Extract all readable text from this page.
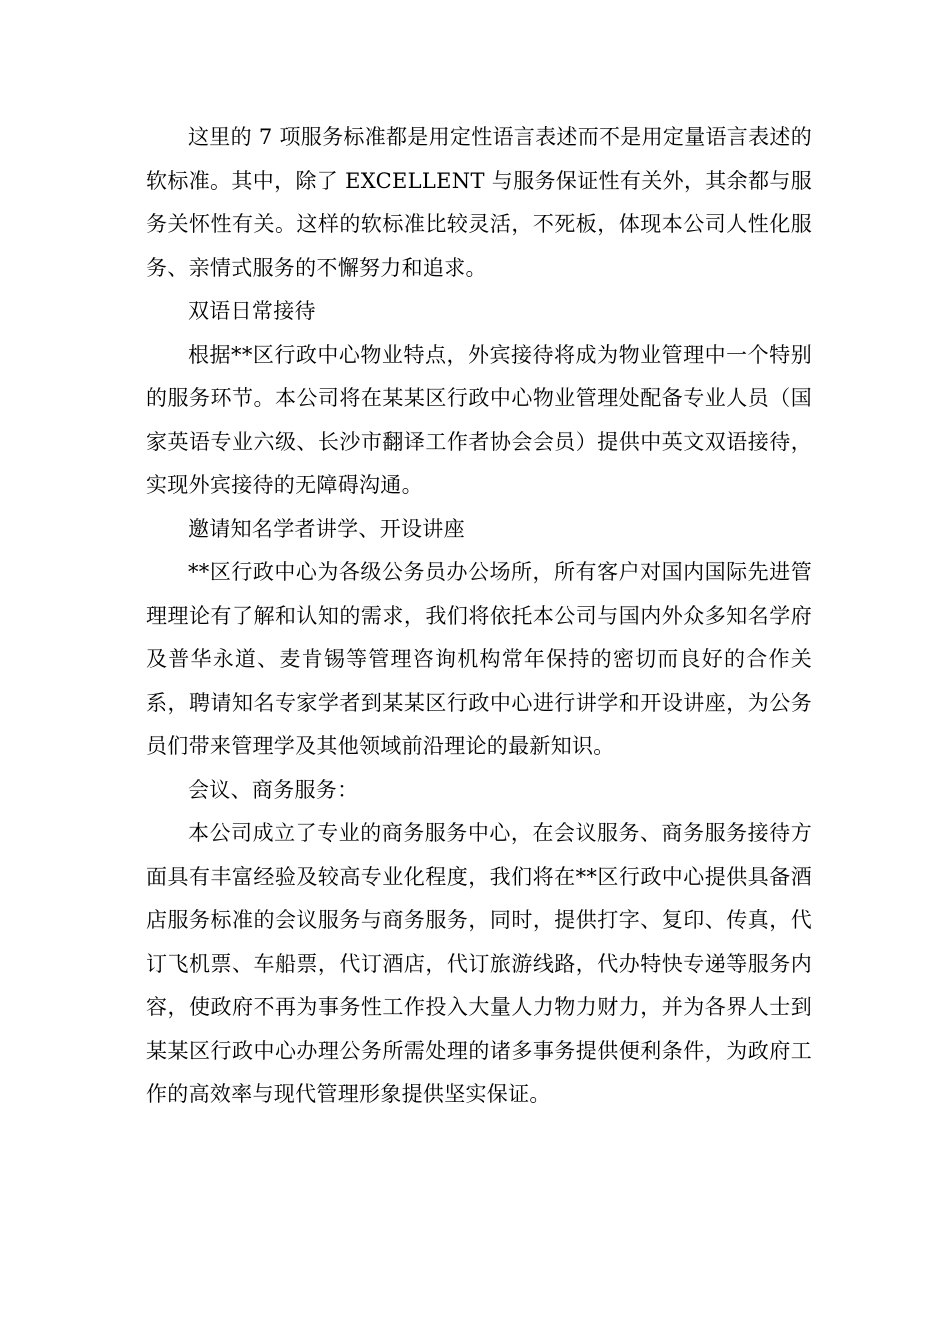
这里的 7 项服务标准都是用定性语言表述而不是用定量语言表述的软标准。其中，除了 EXCELLENT 与服务保证性有关外，其余都与服务关怀性有关。这样的软标准比较灵活，不死板，体现本公司人性化服务、亲情式服务的不懈努力和追求。

双语日常接待

根据**区行政中心物业特点，外宾接待将成为物业管理中一个特别的服务环节。本公司将在某某区行政中心物业管理处配备专业人员（国家英语专业六级、长沙市翻译工作者协会会员）提供中英文双语接待，实现外宾接待的无障碍沟通。

邀请知名学者讲学、开设讲座

**区行政中心为各级公务员办公场所，所有客户对国内国际先进管理理论有了解和认知的需求，我们将依托本公司与国内外众多知名学府及普华永道、麦肯锡等管理咨询机构常年保持的密切而良好的合作关系，聘请知名专家学者到某某区行政中心进行讲学和开设讲座，为公务员们带来管理学及其他领域前沿理论的最新知识。

会议、商务服务：

本公司成立了专业的商务服务中心，在会议服务、商务服务接待方面具有丰富经验及较高专业化程度，我们将在**区行政中心提供具备酒店服务标准的会议服务与商务服务，同时，提供打字、复印、传真，代订飞机票、车船票，代订酒店，代订旅游线路，代办特快专递等服务内容，使政府不再为事务性工作投入大量人力物力财力，并为各界人士到某某区行政中心办理公务所需处理的诸多事务提供便利条件，为政府工作的高效率与现代管理形象提供坚实保证。
